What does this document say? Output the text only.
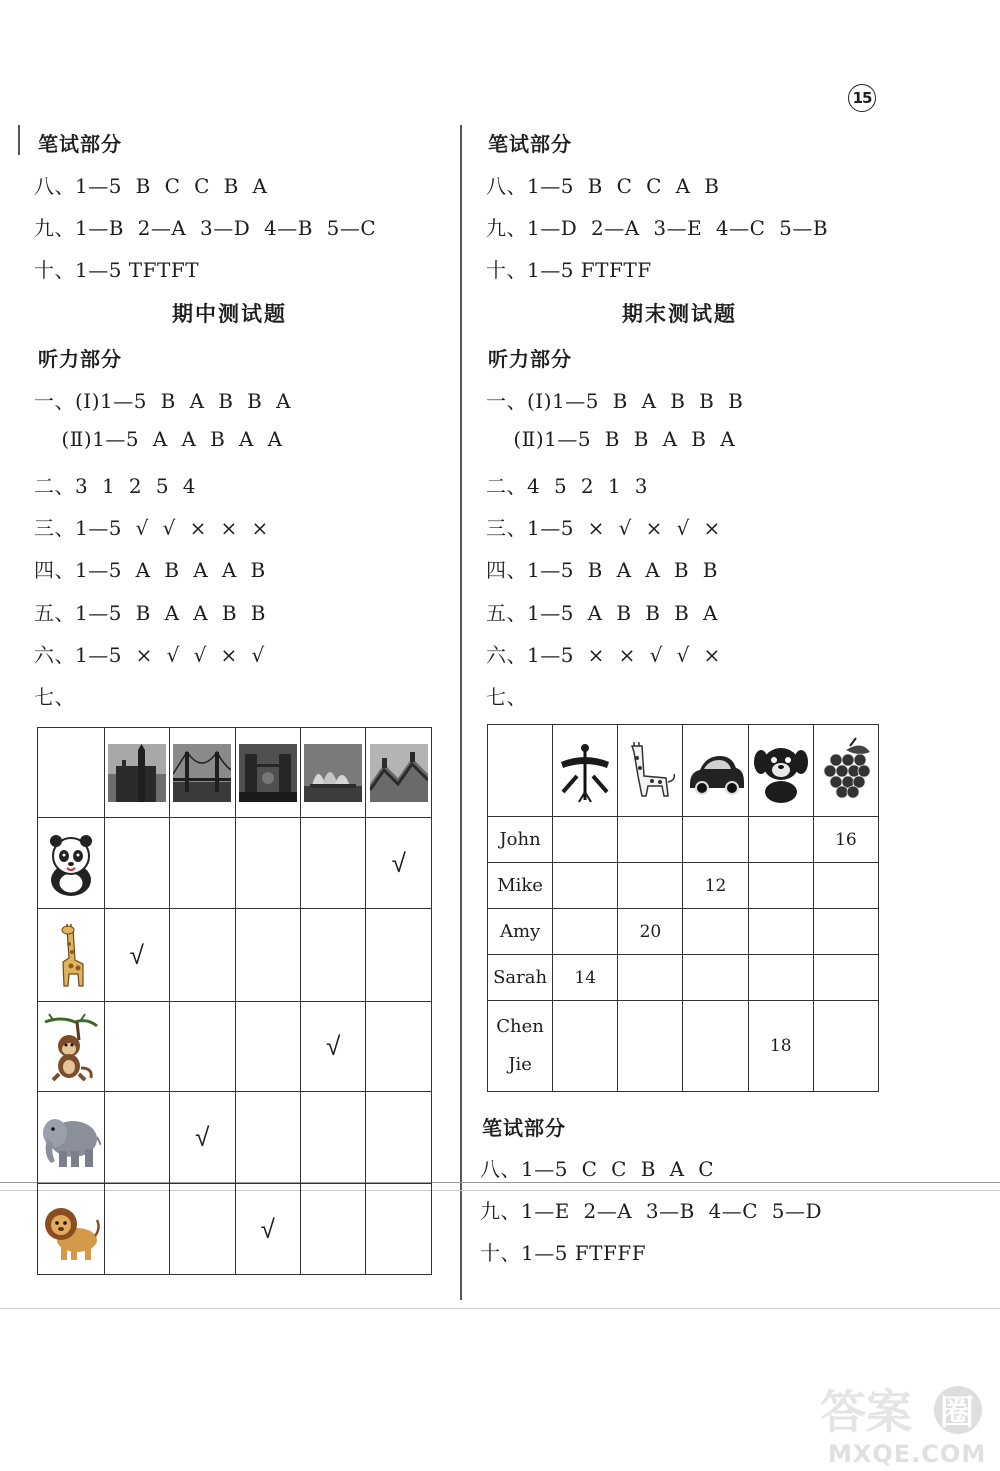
15
笔试部分
八、1—5  B  C  C  B  A
九、1—B  2—A  3—D  4—B  5—C
十、1—5 TFTFT
期中测试题
听力部分
一、(Ⅰ)1—5  B  A  B  B  A
(Ⅱ)1—5  A  A  B  A  A
二、3  1  2  5  4
三、1—5  √  √  ×  ×  ×
四、1—5  A  B  A  A  B
五、1—5  B  A  A  B  B
六、1—5  ×  √  √  ×  √
七、

					√

	√				

				√	

		√			

			√		
笔试部分
八、1—5  B  C  C  A  B
九、1—D  2—A  3—E  4—C  5—B
十、1—5 FTFTF
期末测试题
听力部分
一、(Ⅰ)1—5  B  A  B  B  B
(Ⅱ)1—5  B  B  A  B  A
二、4  5  2  1  3
三、1—5  ×  √  ×  √  ×
四、1—5  B  A  A  B  B
五、1—5  A  B  B  B  A
六、1—5  ×  ×  √  √  ×
七、

John					16
Mike			12		
Amy		20			
Sarah	14				
Chen
Jie				18	
笔试部分
八、1—5  C  C  B  A  C
九、1—E  2—A  3—B  4—C  5—D
十、1—5 FTFFF
答案 圈
MXQE.COM
